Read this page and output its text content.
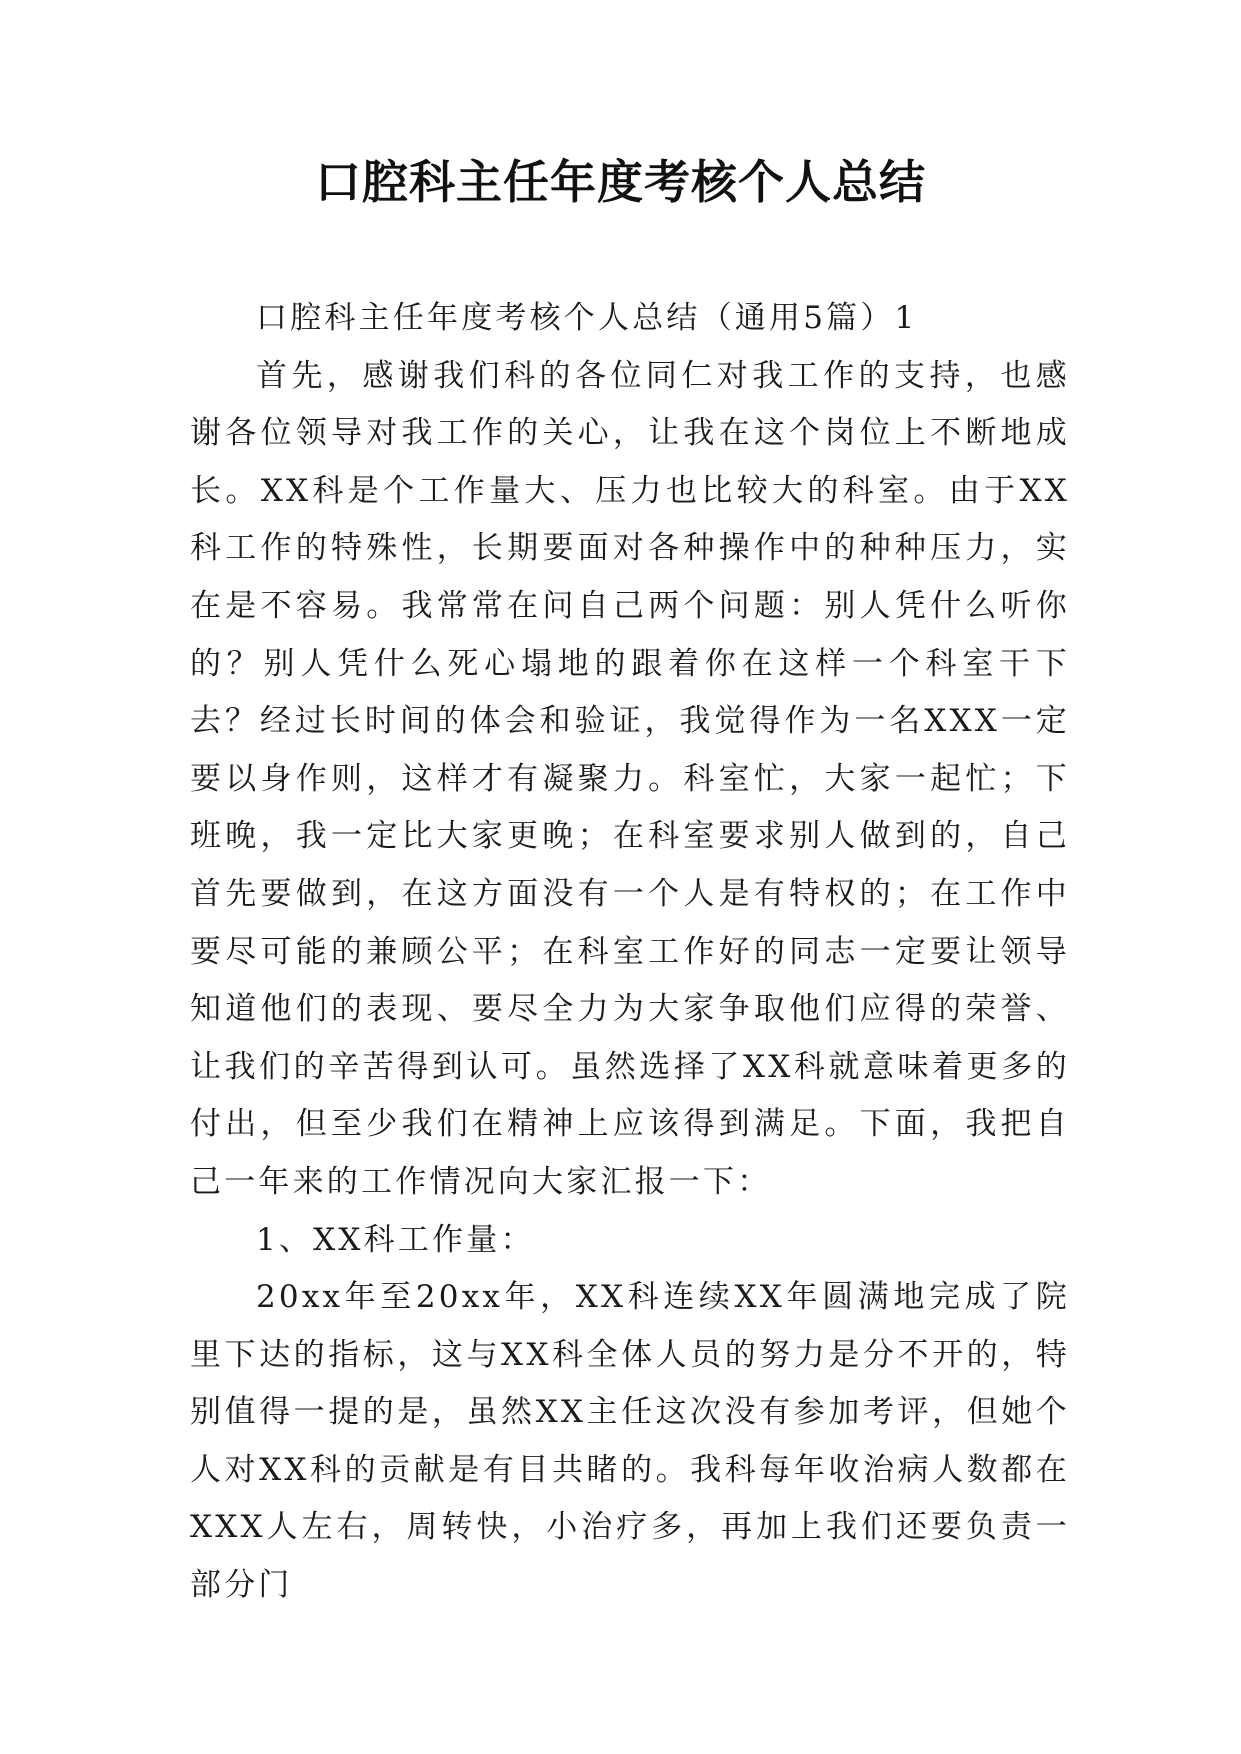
口腔科主任年度考核个人总结

口腔科主任年度考核个人总结（通用5篇）1

首先，感谢我们科的各位同仁对我工作的支持，也感谢各位领导对我工作的关心，让我在这个岗位上不断地成长。XX科是个工作量大、压力也比较大的科室。由于XX科工作的特殊性，长期要面对各种操作中的种种压力，实在是不容易。我常常在问自己两个问题：别人凭什么听你的？别人凭什么死心塌地的跟着你在这样一个科室干下去？经过长时间的体会和验证，我觉得作为一名XXX一定要以身作则，这样才有凝聚力。科室忙，大家一起忙；下班晚，我一定比大家更晚；在科室要求别人做到的，自己首先要做到，在这方面没有一个人是有特权的；在工作中要尽可能的兼顾公平；在科室工作好的同志一定要让领导知道他们的表现、要尽全力为大家争取他们应得的荣誉、让我们的辛苦得到认可。虽然选择了XX科就意味着更多的付出，但至少我们在精神上应该得到满足。下面，我把自己一年来的工作情况向大家汇报一下：

1、XX科工作量：

20xx年至20xx年，XX科连续XX年圆满地完成了院里下达的指标，这与XX科全体人员的努力是分不开的，特别值得一提的是，虽然XX主任这次没有参加考评，但她个人对XX科的贡献是有目共睹的。我科每年收治病人数都在XXX人左右，周转快，小治疗多，再加上我们还要负责一部分门
